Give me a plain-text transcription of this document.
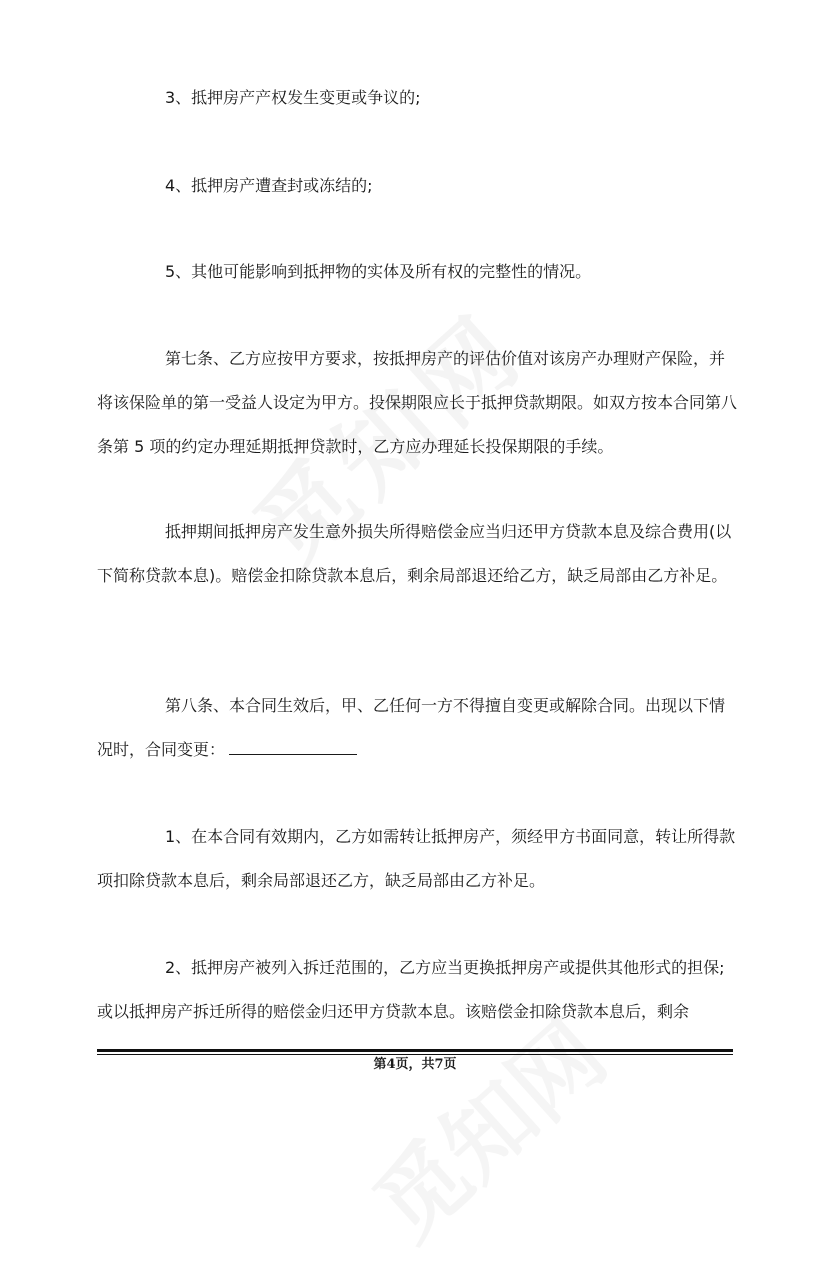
3、抵押房产产权发生变更或争议的;

4、抵押房产遭查封或冻结的;

5、其他可能影响到抵押物的实体及所有权的完整性的情况。

第七条、乙方应按甲方要求，按抵押房产的评估价值对该房产办理财产保险，并将该保险单的第一受益人设定为甲方。投保期限应长于抵押贷款期限。如双方按本合同第八条第 5 项的约定办理延期抵押贷款时，乙方应办理延长投保期限的手续。

抵押期间抵押房产发生意外损失所得赔偿金应当归还甲方贷款本息及综合费用(以下简称贷款本息)。赔偿金扣除贷款本息后，剩余局部退还给乙方，缺乏局部由乙方补足。

第八条、本合同生效后，甲、乙任何一方不得擅自变更或解除合同。出现以下情况时，合同变更：

1、在本合同有效期内，乙方如需转让抵押房产，须经甲方书面同意，转让所得款项扣除贷款本息后，剩余局部退还乙方，缺乏局部由乙方补足。

2、抵押房产被列入拆迁范围的，乙方应当更换抵押房产或提供其他形式的担保;或以抵押房产拆迁所得的赔偿金归还甲方贷款本息。该赔偿金扣除贷款本息后，剩余

第4页，共7页
